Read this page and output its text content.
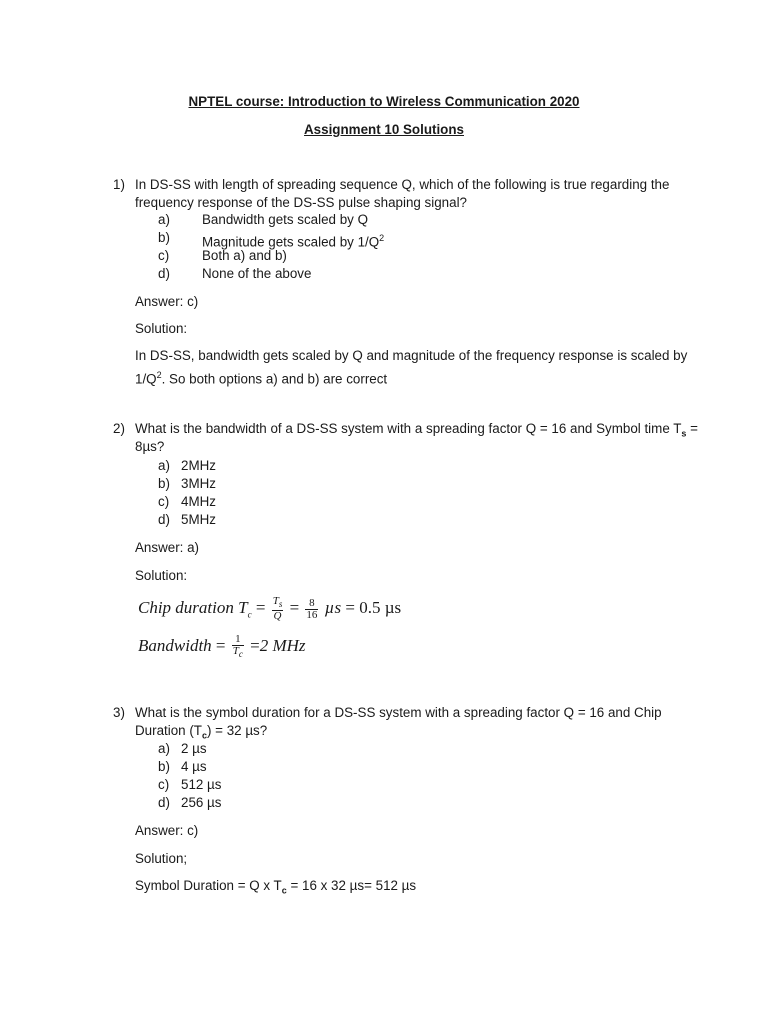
NPTEL course: Introduction to Wireless Communication 2020
Assignment 10 Solutions
1) In DS-SS with length of spreading sequence Q, which of the following is true regarding the
frequency response of the DS-SS pulse shaping signal?
a) Bandwidth gets scaled by Q
b) Magnitude gets scaled by $1/Q^2$
c) Both a) and b)
d) None of the above
Answer: c)
Solution:
In DS-SS, bandwidth gets scaled by Q and magnitude of the frequency response is scaled by
$1/Q^2$. So both options a) and b) are correct
2) What is the bandwidth of a DS-SS system with a spreading factor Q = 16 and Symbol time $T_s$ =
8µs?
a) 2MHz
b) 3MHz
c) 4MHz
d) 5MHz
Answer: a)
Solution:
Chip duration $T_c = \frac{T_s}{Q} = \frac{8}{16}$ µs = 0.5 µs
Bandwidth = $\frac{1}{T_c} =2$ MHz
3) What is the symbol duration for a DS-SS system with a spreading factor Q = 16 and Chip
Duration $(T_c) = 32$ µs?
a) 2 µs
b) 4 µs
c) 512 µs
d) 256 µs
Answer: c)
Solution;
Symbol Duration = Q x $T_c = 16$ x 32 µs= 512 µs
